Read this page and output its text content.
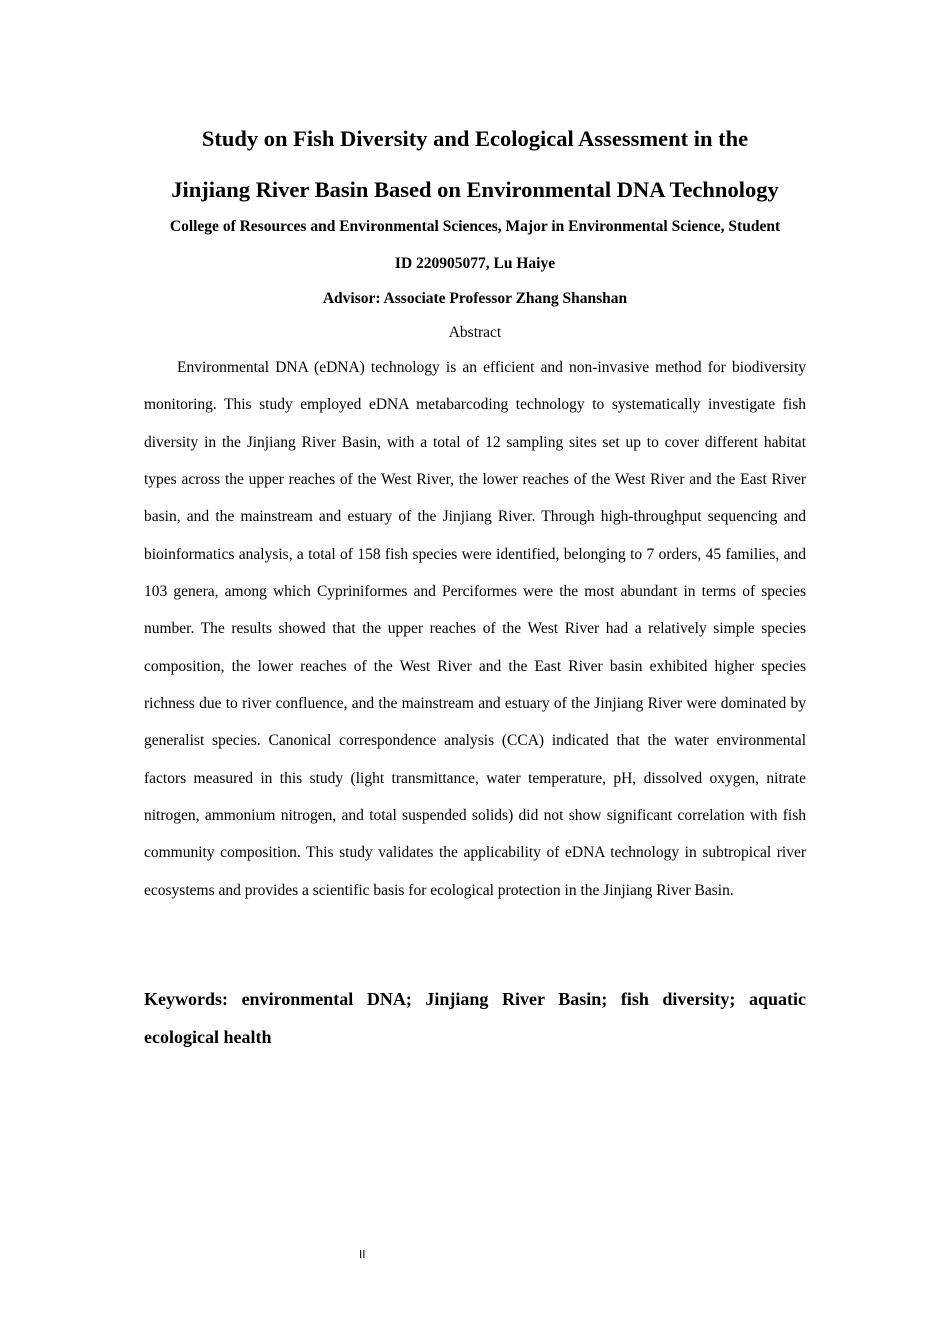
Study on Fish Diversity and Ecological Assessment in the
Jinjiang River Basin Based on Environmental DNA Technology
College of Resources and Environmental Sciences, Major in Environmental Science, Student
ID 220905077, Lu Haiye
Advisor: Associate Professor Zhang Shanshan
Abstract

Environmental DNA (eDNA) technology is an efficient and non-invasive method for biodiversity monitoring. This study employed eDNA metabarcoding technology to systematically investigate fish diversity in the Jinjiang River Basin, with a total of 12 sampling sites set up to cover different habitat types across the upper reaches of the West River, the lower reaches of the West River and the East River basin, and the mainstream and estuary of the Jinjiang River. Through high-throughput sequencing and bioinformatics analysis, a total of 158 fish species were identified, belonging to 7 orders, 45 families, and 103 genera, among which Cypriniformes and Perciformes were the most abundant in terms of species number. The results showed that the upper reaches of the West River had a relatively simple species composition, the lower reaches of the West River and the East River basin exhibited higher species richness due to river confluence, and the mainstream and estuary of the Jinjiang River were dominated by generalist species. Canonical correspondence analysis (CCA) indicated that the water environmental factors measured in this study (light transmittance, water temperature, pH, dissolved oxygen, nitrate nitrogen, ammonium nitrogen, and total suspended solids) did not show significant correlation with fish community composition. This study validates the applicability of eDNA technology in subtropical river ecosystems and provides a scientific basis for ecological protection in the Jinjiang River Basin.

Keywords: environmental DNA; Jinjiang River Basin; fish diversity; aquatic ecological health

II
